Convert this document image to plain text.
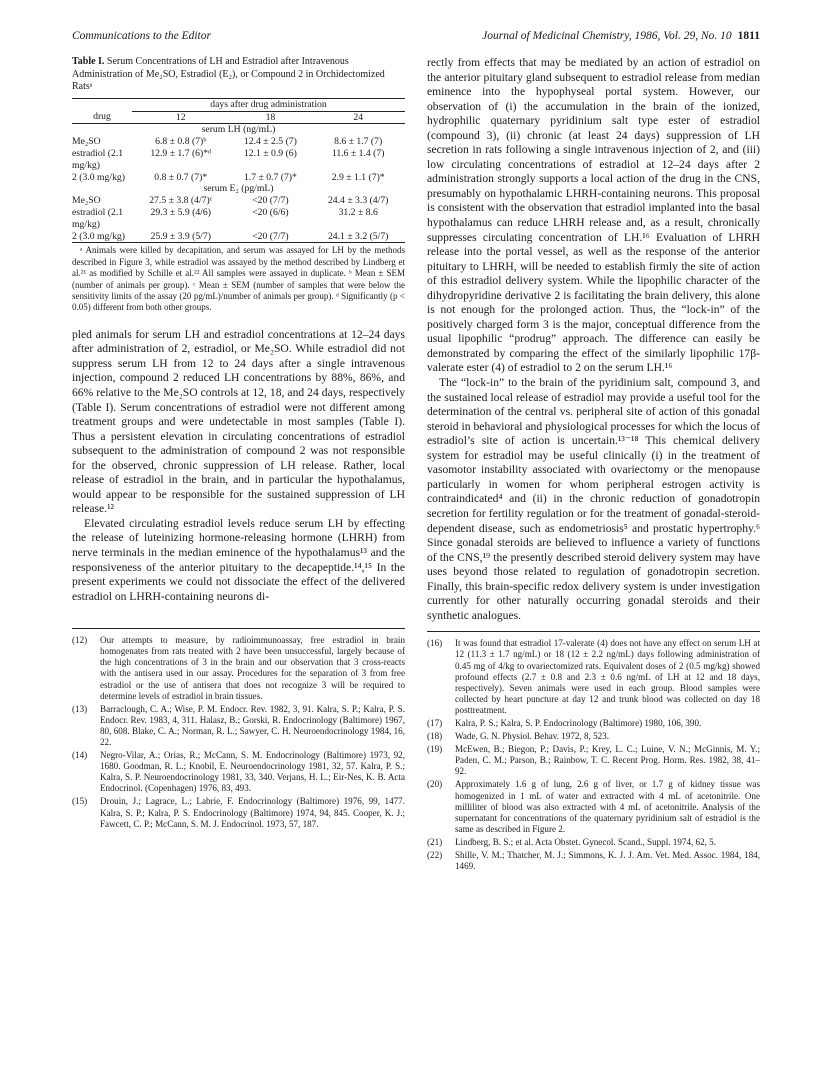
Communications to the Editor	Journal of Medicinal Chemistry, 1986, Vol. 29, No. 10 1811
Table I. Serum Concentrations of LH and Estradiol after Intravenous Administration of Me₂SO, Estradiol (E₂), or Compound 2 in Orchidectomized Ratsᵃ
	days after drug administration		
drug	12	18	24
serum LH (ng/mL)			
Me₂SO	6.8 ± 0.8 (7)ᵇ	12.4 ± 2.5 (7)	8.6 ± 1.7 (7)
estradiol (2.1 mg/kg)	12.9 ± 1.7 (6)*ᵈ	12.1 ± 0.9 (6)	11.6 ± 1.4 (7)
2 (3.0 mg/kg)	0.8 ± 0.7 (7)*	1.7 ± 0.7 (7)*	2.9 ± 1.1 (7)*
serum E₂ (pg/mL)			
Me₂SO	27.5 ± 3.8 (4/7)ᶜ	<20 (7/7)	24.4 ± 3.3 (4/7)
estradiol (2.1 mg/kg)	29.3 ± 5.9 (4/6)	<20 (6/6)	31.2 ± 8.6
2 (3.0 mg/kg)	25.9 ± 3.9 (5/7)	<20 (7/7)	24.1 ± 3.2 (5/7)

ᵃ Animals were killed by decapitation, and serum was assayed for LH by the methods described in Figure 3, while estradiol was assayed by the method described by Lindberg et al.²¹ as modified by Schille et al.²² All samples were assayed in duplicate. ᵇ Mean ± SEM (number of animals per group). ᶜ Mean ± SEM (number of samples that were below the sensitivity limits of the assay (20 pg/mL)/number of animals per group). ᵈ Significantly (p < 0.05) different from both other groups.

pled animals for serum LH and estradiol concentrations at 12–24 days after administration of 2, estradiol, or Me₂SO. While estradiol did not suppress serum LH from 12 to 24 days after a single intravenous injection, compound 2 reduced LH concentrations by 88%, 86%, and 66% relative to the Me₂SO controls at 12, 18, and 24 days, respectively (Table I). Serum concentrations of estradiol were not different among treatment groups and were undetectable in most samples (Table I). Thus a persistent elevation in circulating concentrations of estradiol subsequent to the administration of compound 2 was not responsible for the observed, chronic suppression of LH release. Rather, local release of estradiol in the brain, and in particular the hypothalamus, would appear to be responsible for the sustained suppression of LH release.¹²

Elevated circulating estradiol levels reduce serum LH by effecting the release of luteinizing hormone-releasing hormone (LHRH) from nerve terminals in the median eminence of the hypothalamus¹³ and the responsiveness of the anterior pituitary to the decapeptide.¹⁴,¹⁵ In the present experiments we could not dissociate the effect of the delivered estradiol on LHRH-containing neurons di-

(12) Our attempts to measure, by radioimmunoassay, free estradiol in brain homogenates from rats treated with 2 have been unsuccessful, largely because of the high concentrations of 3 in the brain and our observation that 3 cross-reacts with the antisera used in our assay. Procedures for the separation of 3 from free estradiol or the use of antisera that does not recognize 3 will be required to determine levels of estradiol in brain tissues.
(13) Barraclough, C. A.; Wise, P. M. Endocr. Rev. 1982, 3, 91. Kalra, S. P.; Kalra, P. S. Endocr. Rev. 1983, 4, 311. Halasz, B.; Gorski, R. Endocrinology (Baltimore) 1967, 80, 608. Blake, C. A.; Norman, R. L.; Sawyer, C. H. Neuroendocrinology 1984, 16, 22.
(14) Negro-Vilar, A.; Orias, R.; McCann, S. M. Endocrinology (Baltimore) 1973, 92, 1680. Goodman, R. L.; Knobil, E. Neuroendocrinology 1981, 32, 57. Kalra, P. S.; Kalra, S. P. Neuroendocrinology 1981, 33, 340. Verjans, H. L.; Eir-Nes, K. B. Acta Endocrinol. (Copenhagen) 1976, 83, 493.
(15) Drouin, J.; Lagrace, L.; Labrie, F. Endocrinology (Baltimore) 1976, 99, 1477. Kalra, S. P.; Kalra, P. S. Endocrinology (Baltimore) 1974, 94, 845. Cooper, K. J.; Fawcett, C. P.; McCann, S. M. J. Endocrinol. 1973, 57, 187.

rectly from effects that may be mediated by an action of estradiol on the anterior pituitary gland subsequent to estradiol release from median eminence into the hypophyseal portal system. However, our observation of (i) the accumulation in the brain of the ionized, hydrophilic quaternary pyridinium salt type ester of estradiol (compound 3), (ii) chronic (at least 24 days) suppression of LH secretion in rats following a single intravenous injection of 2, and (iii) low circulating concentrations of estradiol at 12–24 days after 2 administration strongly supports a local action of the drug in the CNS, presumably on hypothalamic LHRH-containing neurons. This proposal is consistent with the observation that estradiol implanted into the basal hypothalamus can reduce LHRH release and, as a result, chronically suppresses circulating concentration of LH.¹⁶ Evaluation of LHRH release into the portal vessel, as well as the response of the anterior pituitary to LHRH, will be needed to establish firmly the site of action of this estradiol delivery system. While the lipophilic character of the dihydropyridine derivative 2 is facilitating the brain delivery, this alone is not enough for the prolonged action. Thus, the “lock-in” of the positively charged form 3 is the major, conceptual difference from the usual lipophilic “prodrug” approach. The difference can easily be demonstrated by comparing the effect of the similarly lipophilic 17β-valerate ester (4) of estradiol to 2 on the serum LH.¹⁶

The “lock-in” to the brain of the pyridinium salt, compound 3, and the sustained local release of estradiol may provide a useful tool for the determination of the central vs. peripheral site of action of this gonadal steroid in behavioral and physiological processes for which the locus of estradiol’s site of action is uncertain.¹³⁻¹⁸ This chemical delivery system for estradiol may be useful clinically (i) in the treatment of vasomotor instability associated with ovariectomy or the menopause particularly in women for whom peripheral estrogen activity is contraindicated⁴ and (ii) in the chronic reduction of gonadotropin secretion for fertility regulation or for the treatment of gonadal-steroid-dependent disease, such as endometriosis⁵ and prostatic hypertrophy.⁶ Since gonadal steroids are believed to influence a variety of functions of the CNS,¹⁹ the presently described steroid delivery system may have uses beyond those related to regulation of gonadotropin secretion. Finally, this brain-specific redox delivery system is under investigation currently for other naturally occurring gonadal steroids and their synthetic analogues.

(16) It was found that estradiol 17-valerate (4) does not have any effect on serum LH at 12 (11.3 ± 1.7 ng/mL) or 18 (12 ± 2.2 ng/mL) days following administration of 0.45 mg of 4/kg to ovariectomized rats. Equivalent doses of 2 (0.5 mg/kg) showed profound effects (2.7 ± 0.8 and 2.3 ± 0.6 ng/mL of LH at 12 and 18 days, respectively). Seven animals were used in each group. Blood samples were collected by heart puncture at day 12 and trunk blood was collected on day 18 posttreatment.
(17) Kalra, P. S.; Kalra, S. P. Endocrinology (Baltimore) 1980, 106, 390.
(18) Wade, G. N. Physiol. Behav. 1972, 8, 523.
(19) McEwen, B.; Biegon, P.; Davis, P.; Krey, L. C.; Luine, V. N.; McGinnis, M. Y.; Paden, C. M.; Parson, B.; Rainbow, T. C. Recent Prog. Horm. Res. 1982, 38, 41–92.
(20) Approximately 1.6 g of lung, 2.6 g of liver, or 1.7 g of kidney tissue was homogenized in 1 mL of water and extracted with 4 mL of acetonitrile. One milliliter of blood was also extracted with 4 mL of acetonitrile. Analysis of the supernatant for concentrations of the quaternary pyridinium salt of estradiol is the same as described in Figure 2.
(21) Lindberg, B. S.; et al. Acta Obstet. Gynecol. Scand., Suppl. 1974, 62, 5.
(22) Shille, V. M.; Thatcher, M. J.; Simmons, K. J. J. Am. Vet. Med. Assoc. 1984, 184, 1469.
